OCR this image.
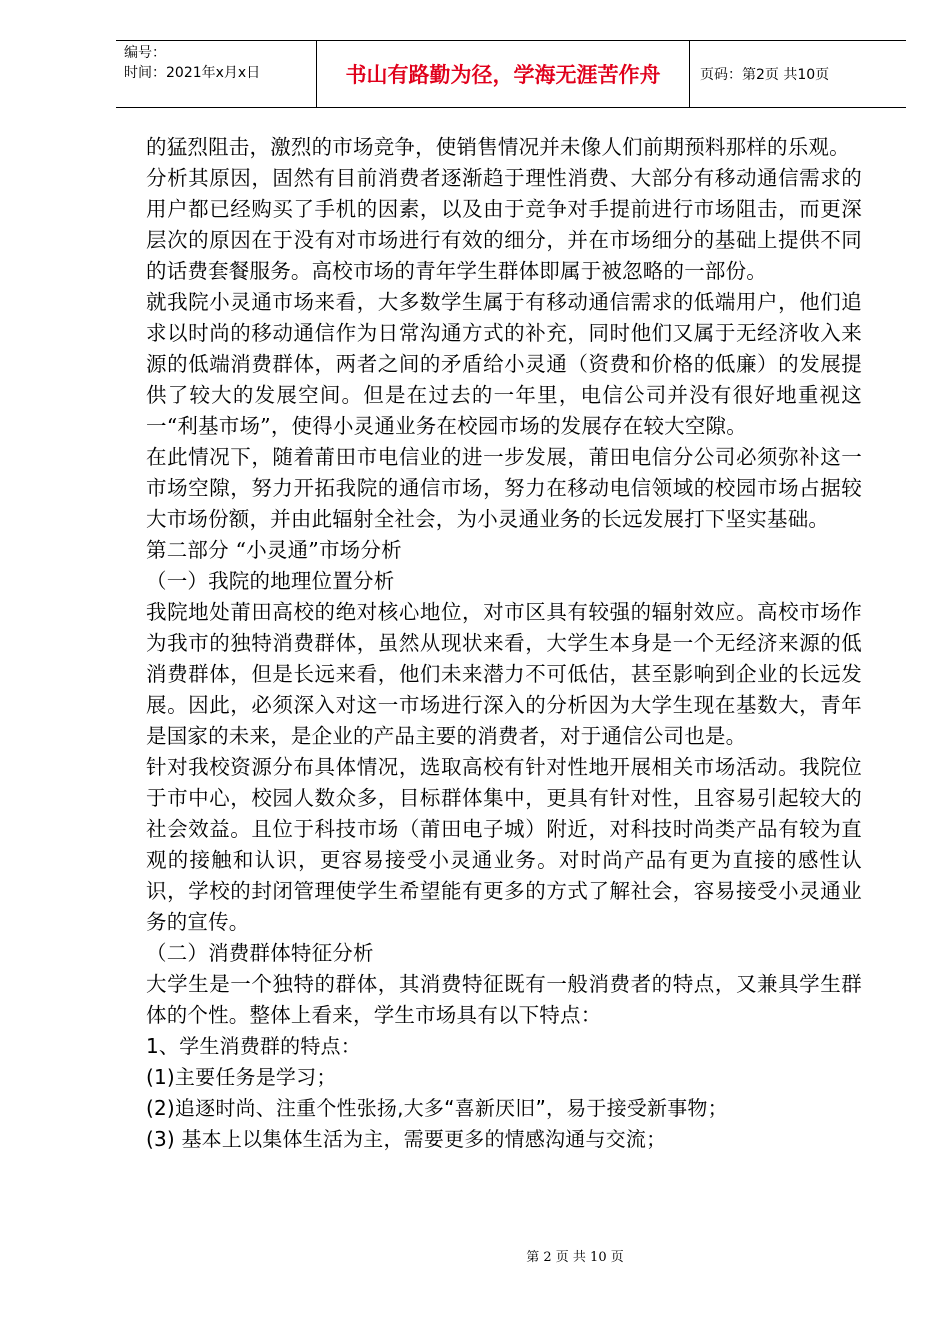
编号：
时间：2021年x月x日	书山有路勤为径，学海无涯苦作舟	页码：第2页 共10页

的猛烈阻击，激烈的市场竞争，使销售情况并未像人们前期预料那样的乐观。

分析其原因，固然有目前消费者逐渐趋于理性消费、大部分有移动通信需求的用户都已经购买了手机的因素，以及由于竞争对手提前进行市场阻击，而更深层次的原因在于没有对市场进行有效的细分，并在市场细分的基础上提供不同的话费套餐服务。高校市场的青年学生群体即属于被忽略的一部份。

就我院小灵通市场来看，大多数学生属于有移动通信需求的低端用户，他们追求以时尚的移动通信作为日常沟通方式的补充，同时他们又属于无经济收入来源的低端消费群体，两者之间的矛盾给小灵通（资费和价格的低廉）的发展提供了较大的发展空间。但是在过去的一年里，电信公司并没有很好地重视这一“利基市场”，使得小灵通业务在校园市场的发展存在较大空隙。

在此情况下，随着莆田市电信业的进一步发展，莆田电信分公司必须弥补这一市场空隙，努力开拓我院的通信市场，努力在移动电信领域的校园市场占据较大市场份额，并由此辐射全社会，为小灵通业务的长远发展打下坚实基础。

第二部分 “小灵通”市场分析

（一）我院的地理位置分析

我院地处莆田高校的绝对核心地位，对市区具有较强的辐射效应。高校市场作为我市的独特消费群体，虽然从现状来看，大学生本身是一个无经济来源的低消费群体，但是长远来看，他们未来潜力不可低估，甚至影响到企业的长远发展。因此，必须深入对这一市场进行深入的分析因为大学生现在基数大，青年是国家的未来，是企业的产品主要的消费者，对于通信公司也是。

针对我校资源分布具体情况，选取高校有针对性地开展相关市场活动。我院位于市中心，校园人数众多，目标群体集中，更具有针对性，且容易引起较大的社会效益。且位于科技市场（莆田电子城）附近，对科技时尚类产品有较为直观的接触和认识，更容易接受小灵通业务。对时尚产品有更为直接的感性认识，学校的封闭管理使学生希望能有更多的方式了解社会，容易接受小灵通业务的宣传。

（二）消费群体特征分析

大学生是一个独特的群体，其消费特征既有一般消费者的特点，又兼具学生群体的个性。整体上看来，学生市场具有以下特点：

1、学生消费群的特点：

(1)主要任务是学习；

(2)追逐时尚、注重个性张扬,大多“喜新厌旧”，易于接受新事物；

(3) 基本上以集体生活为主，需要更多的情感沟通与交流；

第 2 页 共 10 页
